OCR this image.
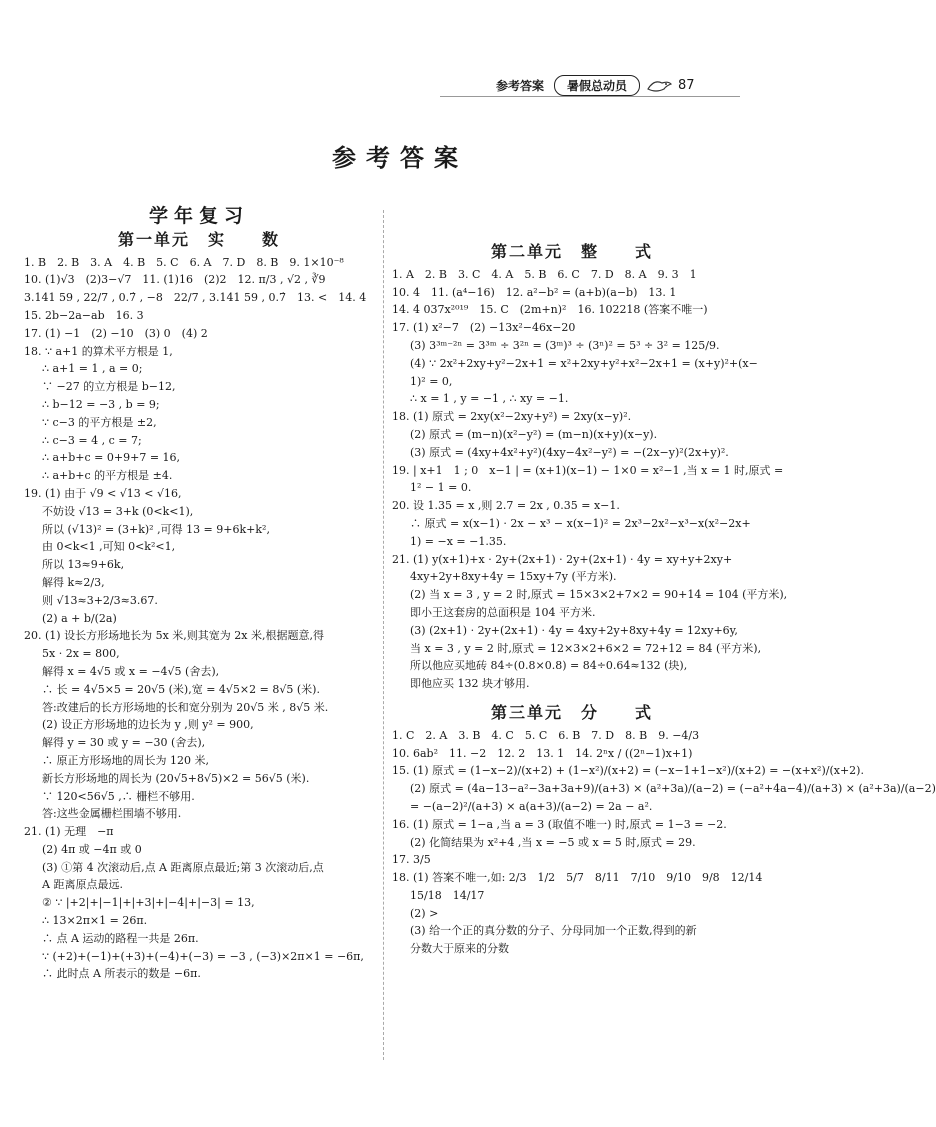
参考答案	暑假总动员	87
参考答案
学年复习
第一单元　实　　数
1. B　2. B　3. A　4. B　5. C　6. A　7. D　8. B　9. 1×10⁻⁸
10. (1)√3　(2)3−√7　11. (1)16　(2)2　12. π/3 , √2 , ∛9
3.141 59 , 22/7 , 0.7̇ , −8　22/7 , 3.141 59 , 0.7̇　13. <　14. 4
15. 2b−2a−ab　16. 3
17. (1) −1　(2) −10　(3) 0　(4) 2
18. ∵ a+1 的算术平方根是 1,
∴ a+1 = 1 , a = 0;
∵ −27 的立方根是 b−12,
∴ b−12 = −3 , b = 9;
∵ c−3 的平方根是 ±2,
∴ c−3 = 4 , c = 7;
∴ a+b+c = 0+9+7 = 16,
∴ a+b+c 的平方根是 ±4.
19. (1) 由于 √9 < √13 < √16,
不妨设 √13 = 3+k (0<k<1),
所以 (√13)² = (3+k)² ,可得 13 = 9+6k+k²,
由 0<k<1 ,可知 0<k²<1,
所以 13≈9+6k,
解得 k≈2/3,
则 √13≈3+2/3≈3.67.
(2) a + b/(2a)
20. (1) 设长方形场地长为 5x 米,则其宽为 2x 米,根据题意,得
5x · 2x = 800,
解得 x = 4√5 或 x = −4√5 (舍去),
∴ 长 = 4√5×5 = 20√5 (米),宽 = 4√5×2 = 8√5 (米).
答:改建后的长方形场地的长和宽分别为 20√5 米 , 8√5 米.
(2) 设正方形场地的边长为 y ,则 y² = 900,
解得 y = 30 或 y = −30 (舍去),
∴ 原正方形场地的周长为 120 米,
新长方形场地的周长为 (20√5+8√5)×2 = 56√5 (米).
∵ 120<56√5 ,∴ 栅栏不够用.
答:这些金属栅栏围墙不够用.
21. (1) 无理　−π
(2) 4π 或 −4π 或 0
(3) ①第 4 次滚动后,点 A 距离原点最近;第 3 次滚动后,点
A 距离原点最远.
② ∵ |+2|+|−1|+|+3|+|−4|+|−3| = 13,
∴ 13×2π×1 = 26π.
∴ 点 A 运动的路程一共是 26π.
∵ (+2)+(−1)+(+3)+(−4)+(−3) = −3 , (−3)×2π×1 = −6π,
∴ 此时点 A 所表示的数是 −6π.
第二单元　整　　式
1. A　2. B　3. C　4. A　5. B　6. C　7. D　8. A　9. 3　1
10. 4　11. (a⁴−16)　12. a²−b² = (a+b)(a−b)　13. 1
14. 4 037x²⁰¹⁹　15. C　(2m+n)²　16. 102218 (答案不唯一)
17. (1) x²−7　(2) −13x²−46x−20
(3) 3³ᵐ⁻²ⁿ = 3³ᵐ ÷ 3²ⁿ = (3ᵐ)³ ÷ (3ⁿ)² = 5³ ÷ 3² = 125/9.
(4) ∵ 2x²+2xy+y²−2x+1 = x²+2xy+y²+x²−2x+1 = (x+y)²+(x−
1)² = 0,
∴ x = 1 , y = −1 , ∴ xy = −1.
18. (1) 原式 = 2xy(x²−2xy+y²) = 2xy(x−y)².
(2) 原式 = (m−n)(x²−y²) = (m−n)(x+y)(x−y).
(3) 原式 = (4xy+4x²+y²)(4xy−4x²−y²) = −(2x−y)²(2x+y)².
19. | x+1　1 ; 0　x−1 | = (x+1)(x−1) − 1×0 = x²−1 ,当 x = 1 时,原式 =
1² − 1 = 0.
20. 设 1.35 = x ,则 2.7 = 2x , 0.35 = x−1.
∴ 原式 = x(x−1) · 2x − x³ − x(x−1)² = 2x³−2x²−x³−x(x²−2x+
1) = −x = −1.35.
21. (1) y(x+1)+x · 2y+(2x+1) · 2y+(2x+1) · 4y = xy+y+2xy+
4xy+2y+8xy+4y = 15xy+7y (平方米).
(2) 当 x = 3 , y = 2 时,原式 = 15×3×2+7×2 = 90+14 = 104 (平方米),
即小王这套房的总面积是 104 平方米.
(3) (2x+1) · 2y+(2x+1) · 4y = 4xy+2y+8xy+4y = 12xy+6y,
当 x = 3 , y = 2 时,原式 = 12×3×2+6×2 = 72+12 = 84 (平方米),
所以他应买地砖 84÷(0.8×0.8) = 84÷0.64≈132 (块),
即他应买 132 块才够用.
第三单元　分　　式
1. C　2. A　3. B　4. C　5. C　6. B　7. D　8. B　9. −4/3
10. 6ab²　11. −2　12. 2　13. 1　14. 2ⁿx / ((2ⁿ−1)x+1)
15. (1) 原式 = (1−x−2)/(x+2) + (1−x²)/(x+2) = (−x−1+1−x²)/(x+2) = −(x+x²)/(x+2).
(2) 原式 = (4a−13−a²−3a+3a+9)/(a+3) × (a²+3a)/(a−2) = (−a²+4a−4)/(a+3) × (a²+3a)/(a−2)
= −(a−2)²/(a+3) × a(a+3)/(a−2) = 2a − a².
16. (1) 原式 = 1−a ,当 a = 3 (取值不唯一) 时,原式 = 1−3 = −2.
(2) 化简结果为 x²+4 ,当 x = −5 或 x = 5 时,原式 = 29.
17. 3/5
18. (1) 答案不唯一,如: 2/3　1/2　5/7　8/11　7/10　9/10　9/8　12/14
15/18　14/17
(2) >
(3) 给一个正的真分数的分子、分母同加一个正数,得到的新
分数大于原来的分数
